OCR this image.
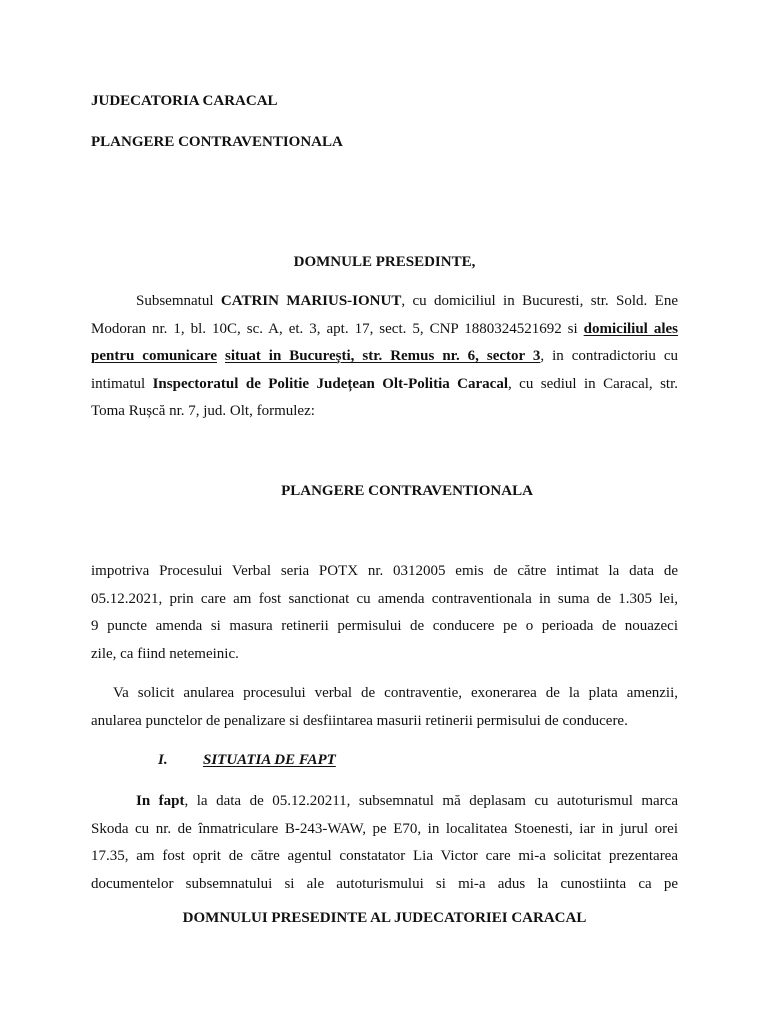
JUDECATORIA CARACAL
PLANGERE CONTRAVENTIONALA
DOMNULE PRESEDINTE,
Subsemnatul CATRIN MARIUS-IONUT, cu domiciliul in Bucuresti, str. Sold. Ene
Modoran nr. 1, bl. 10C, sc. A, et. 3, apt. 17, sect. 5, CNP 1880324521692 si domiciliul ales
pentru comunicare situat in București, str. Remus nr. 6, sector 3, in contradictoriu cu
intimatul Inspectoratul de Politie Județean Olt-Politia Caracal, cu sediul in Caracal, str.
Toma Rușcă nr. 7, jud. Olt, formulez:
PLANGERE CONTRAVENTIONALA
impotriva Procesului Verbal seria POTX nr. 0312005 emis de către intimat la data de
05.12.2021, prin care am fost sanctionat cu amenda contraventionala in suma de 1.305 lei,
9 puncte amenda si masura retinerii permisului de conducere pe o perioada de nouazeci
zile, ca fiind netemeinic.
Va solicit anularea procesului verbal de contraventie, exonerarea de la plata amenzii,
anularea punctelor de penalizare si desfiintarea masurii retinerii permisului de conducere.
I. SITUATIA DE FAPT
In fapt, la data de 05.12.20211, subsemnatul mă deplasam cu autoturismul marca
Skoda cu nr. de înmatriculare B-243-WAW, pe E70, in localitatea Stoenesti, iar in jurul orei
17.35, am fost oprit de către agentul constatator Lia Victor care mi-a solicitat prezentarea
documentelor subsemnatului si ale autoturismului si mi-a adus la cunostiinta ca pe
DOMNULUI PRESEDINTE AL JUDECATORIEI CARACAL
